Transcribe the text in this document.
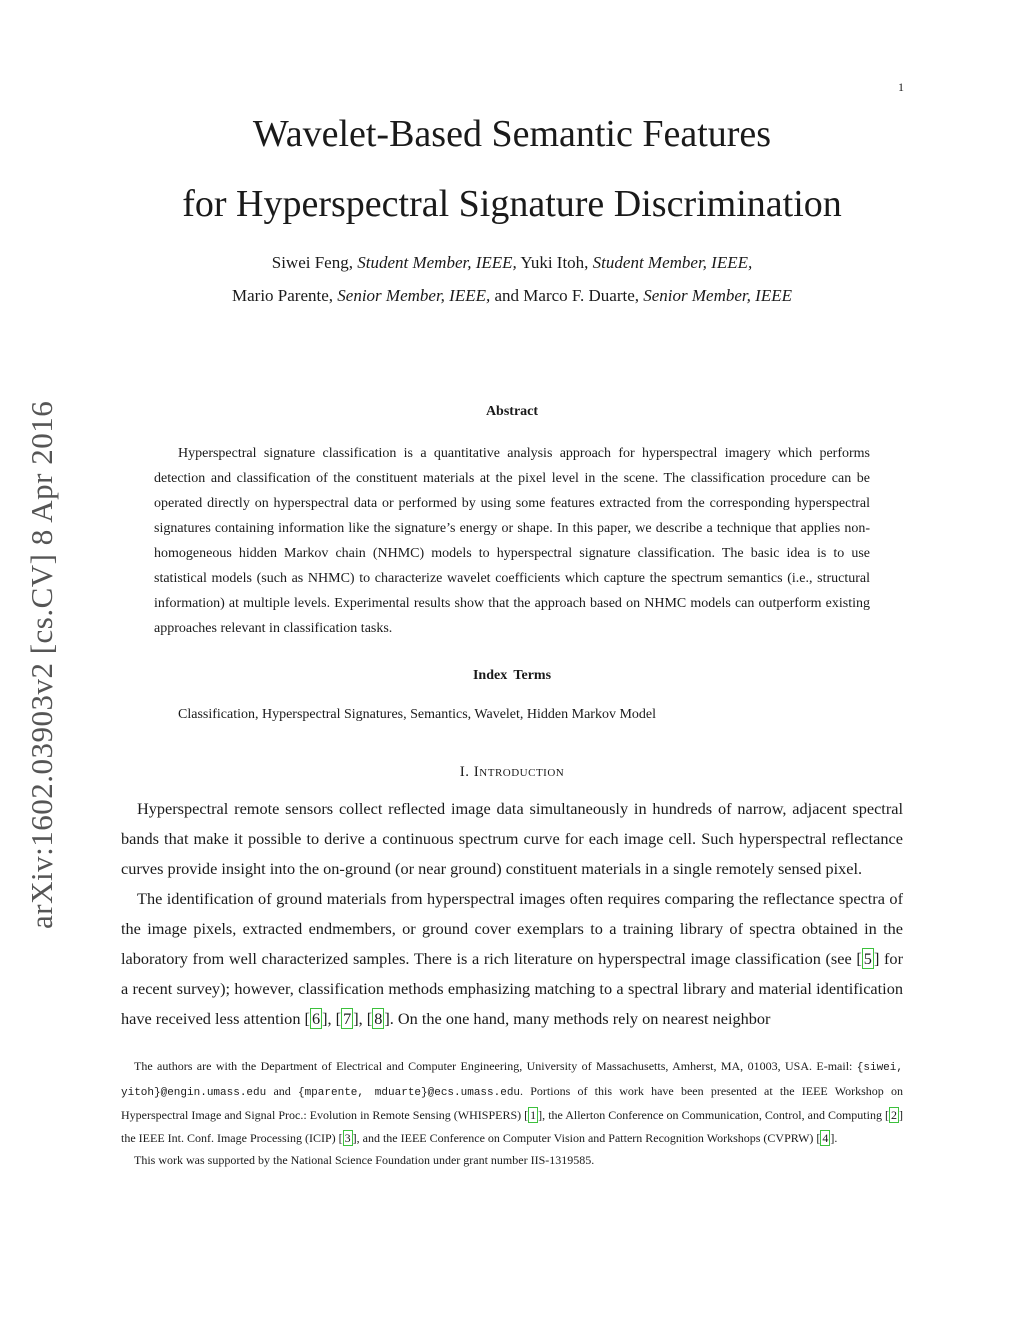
1
arXiv:1602.03903v2 [cs.CV] 8 Apr 2016
Wavelet-Based Semantic Features
for Hyperspectral Signature Discrimination
Siwei Feng, Student Member, IEEE, Yuki Itoh, Student Member, IEEE,
Mario Parente, Senior Member, IEEE, and Marco F. Duarte, Senior Member, IEEE
Abstract

Hyperspectral signature classification is a quantitative analysis approach for hyperspectral imagery which performs detection and classification of the constituent materials at the pixel level in the scene. The classification procedure can be operated directly on hyperspectral data or performed by using some features extracted from the corresponding hyperspectral signatures containing information like the signature’s energy or shape. In this paper, we describe a technique that applies non-homogeneous hidden Markov chain (NHMC) models to hyperspectral signature classification. The basic idea is to use statistical models (such as NHMC) to characterize wavelet coefficients which capture the spectrum semantics (i.e., structural information) at multiple levels. Experimental results show that the approach based on NHMC models can outperform existing approaches relevant in classification tasks.

Index Terms
Classification, Hyperspectral Signatures, Semantics, Wavelet, Hidden Markov Model
I. Introduction

Hyperspectral remote sensors collect reflected image data simultaneously in hundreds of narrow, adjacent spectral bands that make it possible to derive a continuous spectrum curve for each image cell. Such hyperspectral reflectance curves provide insight into the on-ground (or near ground) constituent materials in a single remotely sensed pixel.

The identification of ground materials from hyperspectral images often requires comparing the reflectance spectra of the image pixels, extracted endmembers, or ground cover exemplars to a training library of spectra obtained in the laboratory from well characterized samples. There is a rich literature on hyperspectral image classification (see [ 5 ] for a recent survey); however, classification methods emphasizing matching to a spectral library and material identification have received less attention [ 6 ], [ 7 ], [ 8 ]. On the one hand, many methods rely on nearest neighbor

The authors are with the Department of Electrical and Computer Engineering, University of Massachusetts, Amherst, MA, 01003, USA. E-mail: {siwei, yitoh}@engin.umass.edu and {mparente, mduarte}@ecs.umass.edu. Portions of this work have been presented at the IEEE Workshop on Hyperspectral Image and Signal Proc.: Evolution in Remote Sensing (WHISPERS) [ 1 ], the Allerton Conference on Communication, Control, and Computing [ 2 ] the IEEE Int. Conf. Image Processing (ICIP) [ 3 ], and the IEEE Conference on Computer Vision and Pattern Recognition Workshops (CVPRW) [ 4 ].

This work was supported by the National Science Foundation under grant number IIS-1319585.
